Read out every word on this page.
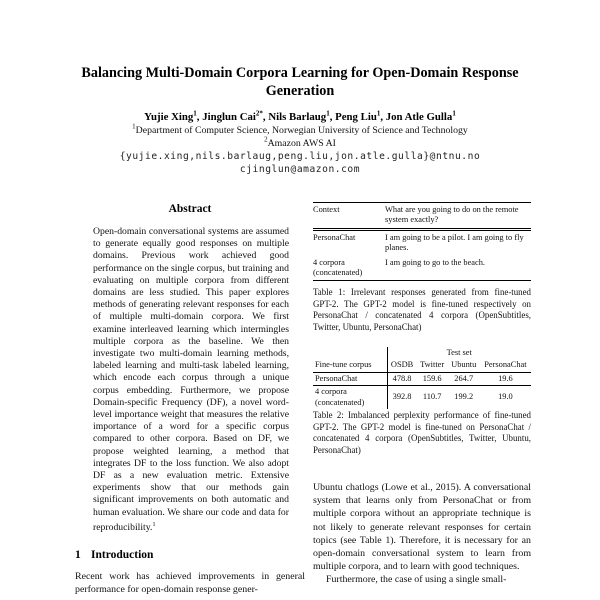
Balancing Multi-Domain Corpora Learning for Open-Domain Response Generation
Yujie Xing$^1$, Jinglun Cai$^{2*}$, Nils Barlaug$^1$, Peng Liu$^1$, Jon Atle Gulla$^1$
$^1$Department of Computer Science, Norwegian University of Science and Technology
$^2$Amazon AWS AI
{yujie.xing,nils.barlaug,peng.liu,jon.atle.gulla}@ntnu.no
cjinglun@amazon.com
Abstract

Open-domain conversational systems are assumed to generate equally good responses on multiple domains. Previous work achieved good performance on the single corpus, but training and evaluating on multiple corpora from different domains are less studied. This paper explores methods of generating relevant responses for each of multiple multi-domain corpora. We first examine interleaved learning which intermingles multiple corpora as the baseline. We then investigate two multi-domain learning methods, labeled learning and multi-task labeled learning, which encode each corpus through a unique corpus embedding. Furthermore, we propose Domain-specific Frequency (DF), a novel word-level importance weight that measures the relative importance of a word for a specific corpus compared to other corpora. Based on DF, we propose weighted learning, a method that integrates DF to the loss function. We also adopt DF as a new evaluation metric. Extensive experiments show that our methods gain significant improvements on both automatic and human evaluation. We share our code and data for reproducibility.$^1$

1 Introduction

Recent work has achieved improvements in general performance for open-domain response gener-

Context	What are you going to do on the remote system exactly?
PersonaChat	I am going to be a pilot. I am going to fly planes.
4 corpora (concatenated)	I am going to go to the beach.

Table 1: Irrelevant responses generated from fine-tuned GPT-2. The GPT-2 model is fine-tuned respectively on PersonaChat / concatenated 4 corpora (OpenSubtitles, Twitter, Ubuntu, PersonaChat)

	Test set			
Fine-tune corpus	OSDB	Twitter	Ubuntu	PersonaChat
PersonaChat	478.8	159.6	264.7	19.6
4 corpora (concatenated)	392.8	110.7	199.2	19.0

Table 2: Imbalanced perplexity performance of fine-tuned GPT-2. The GPT-2 model is fine-tuned on PersonaChat / concatenated 4 corpora (OpenSubtitles, Twitter, Ubuntu, PersonaChat)

Ubuntu chatlogs (Lowe et al., 2015). A conversational system that learns only from PersonaChat or from multiple corpora without an appropriate technique is not likely to generate relevant responses for certain topics (see Table 1). Therefore, it is necessary for an open-domain conversational system to learn from multiple corpora, and to learn with good techniques.

Furthermore, the case of using a single small-
